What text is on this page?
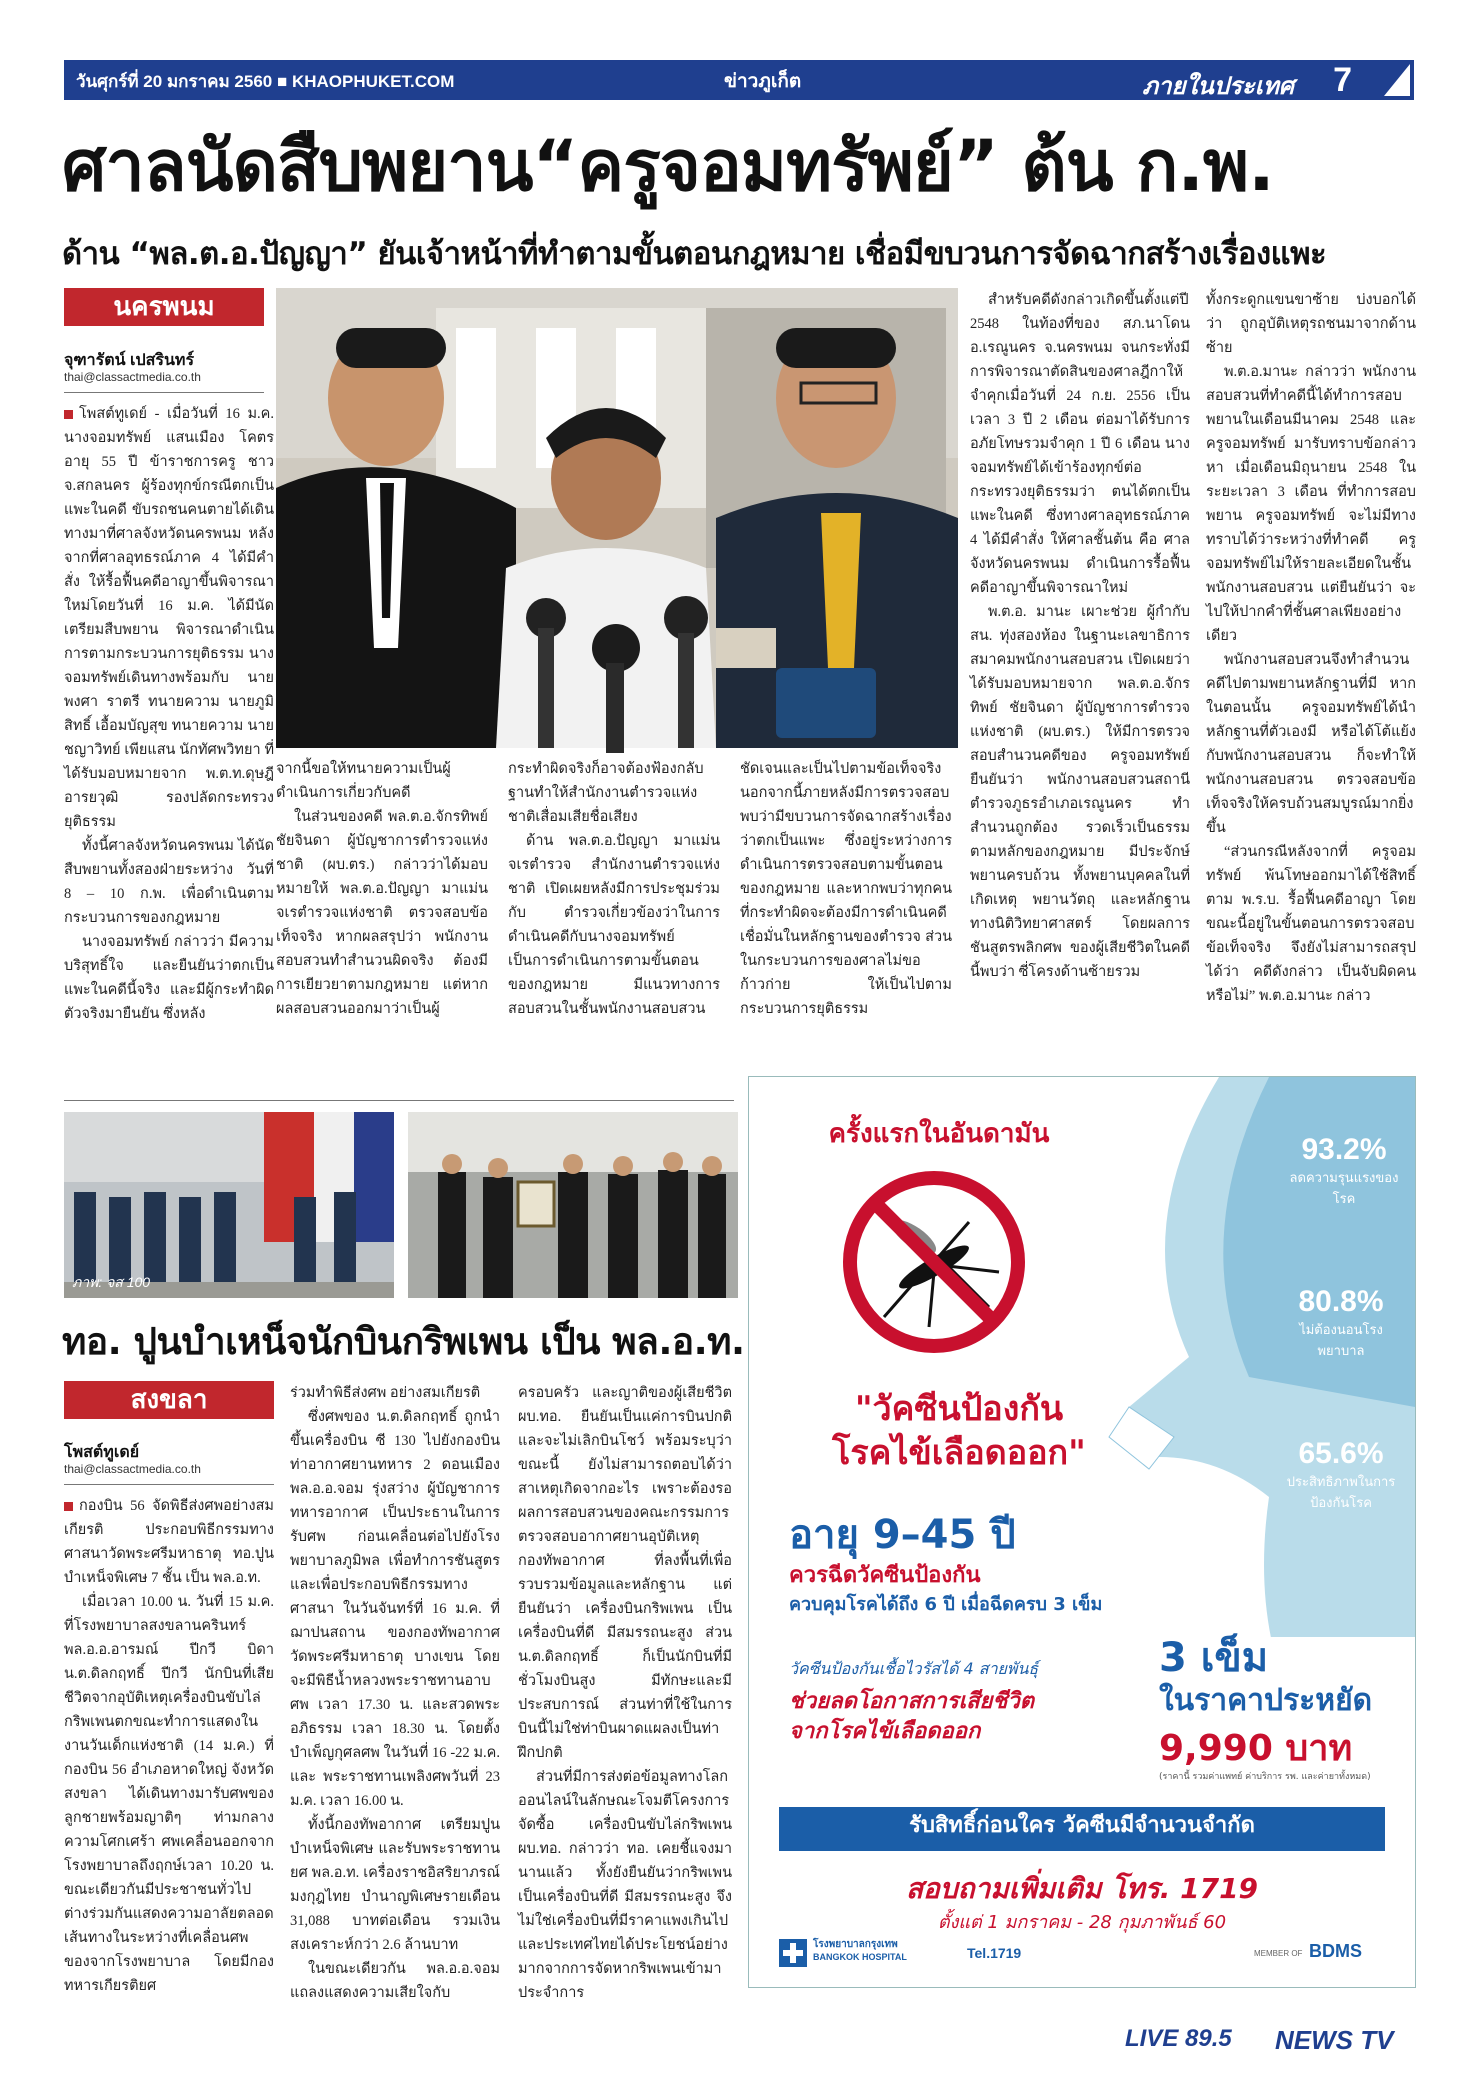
วันศุกร์ที่ 20 มกราคม 2560 ■ KHAOPHUKET.COM	ข่าวภูเก็ต	ภายในประเทศ 7
ศาลนัดสืบพยาน“ครูจอมทรัพย์” ต้น ก.พ.
ด้าน “พล.ต.อ.ปัญญา” ยันเจ้าหน้าที่ทำตามขั้นตอนกฎหมาย เชื่อมีขบวนการจัดฉากสร้างเรื่องแพะ
นครพนม
จุฑารัตน์ เปสรินทร์
thai@classactmedia.co.th

โพสต์ทูเดย์ - เมื่อวันที่ 16 ม.ค. นางจอมทรัพย์ แสนเมือง โคตร อายุ 55 ปี ข้าราชการครู ชาว จ.สกลนคร ผู้ร้องทุกข์กรณีตกเป็นแพะในคดี ขับรถชนคนตายได้เดินทางมาที่ศาลจังหวัดนครพนม หลังจากที่ศาลอุทธรณ์ภาค 4 ได้มีคำสั่ง ให้รื้อฟื้นคดีอาญาขึ้นพิจารณาใหม่โดยวันที่ 16 ม.ค. ได้มีนัดเตรียมสืบพยาน พิจารณาดำเนินการตามกระบวนการยุติธรรม นางจอมทรัพย์เดินทางพร้อมกับ นายพงศา ราตรี ทนายความ นายภูมิสิทธิ์ เอื้อมบัญสุข ทนายความ นายชญาวิทย์ เพียแสน นักทัศพวิทยา ที่ได้รับมอบหมายจาก พ.ต.ท.ดุษฎี อารยวุฒิ รองปลัดกระทรวงยุติธรรม

ทั้งนี้ศาลจังหวัดนครพนม ได้นัดสืบพยานทั้งสองฝ่ายระหว่าง วันที่ 8 – 10 ก.พ. เพื่อดำเนินตามกระบวนการของกฎหมาย

นางจอมทรัพย์ กล่าวว่า มีความบริสุทธิ์ใจ และยืนยันว่าตกเป็นแพะในคดีนี้จริง และมีผู้กระทำผิดตัวจริงมายืนยัน ซึ่งหลัง

จากนี้ขอให้ทนายความเป็นผู้ดำเนินการเกี่ยวกับคดี

ในส่วนของคดี พล.ต.อ.จักรทิพย์ ชัยจินดา ผู้บัญชาการตำรวจแห่งชาติ (ผบ.ตร.) กล่าวว่าได้มอบหมายให้ พล.ต.อ.ปัญญา มาแม่น จเรตำรวจแห่งชาติ ตรวจสอบข้อเท็จจริง หากผลสรุปว่า พนักงานสอบสวนทำสำนวนผิดจริง ต้องมีการเยียวยาตามกฎหมาย แต่หากผลสอบสวนออกมาว่าเป็นผู้

กระทำผิดจริงก็อาจต้องฟ้องกลับ ฐานทำให้สำนักงานตำรวจแห่งชาติเสื่อมเสียชื่อเสียง

ด้าน พล.ต.อ.ปัญญา มาแม่น จเรตำรวจ สำนักงานตำรวจแห่งชาติ เปิดเผยหลังมีการประชุมร่วมกับ ตำรวจเกี่ยวข้องว่าในการดำเนินคดีกับนางจอมทรัพย์ เป็นการดำเนินการตามขั้นตอนของกฎหมาย มีแนวทางการสอบสวนในชั้นพนักงานสอบสวน

ชัดเจนและเป็นไปตามข้อเท็จจริง นอกจากนี้ภายหลังมีการตรวจสอบ พบว่ามีขบวนการจัดฉากสร้างเรื่องว่าตกเป็นแพะ ซึ่งอยู่ระหว่างการดำเนินการตรวจสอบตามขั้นตอนของกฎหมาย และหากพบว่าทุกคนที่กระทำผิดจะต้องมีการดำเนินคดี เชื่อมั่นในหลักฐานของตำรวจ ส่วนในกระบวนการของศาลไม่ขอก้าวก่าย ให้เป็นไปตามกระบวนการยุติธรรม

สำหรับคดีดังกล่าวเกิดขึ้นตั้งแต่ปี 2548 ในท้องที่ของ สภ.นาโดน อ.เรณูนคร จ.นครพนม จนกระทั่งมีการพิจารณาตัดสินของศาลฎีกาให้จำคุกเมื่อวันที่ 24 ก.ย. 2556 เป็นเวลา 3 ปี 2 เดือน ต่อมาได้รับการอภัยโทษรวมจำคุก 1 ปี 6 เดือน นางจอมทรัพย์ได้เข้าร้องทุกข์ต่อกระทรวงยุติธรรมว่า ตนได้ตกเป็นแพะในคดี ซึ่งทางศาลอุทธรณ์ภาค 4 ได้มีคำสั่ง ให้ศาลชั้นต้น คือ ศาลจังหวัดนครพนม ดำเนินการรื้อฟื้นคดีอาญาขึ้นพิจารณาใหม่

พ.ต.อ. มานะ เผาะช่วย ผู้กำกับ สน. ทุ่งสองห้อง ในฐานะเลขาธิการสมาคมพนักงานสอบสวน เปิดเผยว่า ได้รับมอบหมายจาก พล.ต.อ.จักรทิพย์ ชัยจินดา ผู้บัญชาการตำรวจแห่งชาติ (ผบ.ตร.) ให้มีการตรวจสอบสำนวนคดีของ ครูจอมทรัพย์ ยืนยันว่า พนักงานสอบสวนสถานีตำรวจภูธรอำเภอเรณูนคร ทำสำนวนถูกต้อง รวดเร็วเป็นธรรมตามหลักของกฎหมาย มีประจักษ์พยานครบถ้วน ทั้งพยานบุคคลในที่เกิดเหตุ พยานวัตถุ และหลักฐานทางนิติวิทยาศาสตร์ โดยผลการชันสูตรพลิกศพ ของผู้เสียชีวิตในคดีนี้พบว่า ซี่โครงด้านซ้ายรวม

ทั้งกระดูกแขนขาซ้าย บ่งบอกได้ว่า ถูกอุบัติเหตุรถชนมาจากด้านซ้าย

พ.ต.อ.มานะ กล่าวว่า พนักงานสอบสวนที่ทำคดีนี้ได้ทำการสอบพยานในเดือนมีนาคม 2548 และ ครูจอมทรัพย์ มารับทราบข้อกล่าวหา เมื่อเดือนมิถุนายน 2548 ในระยะเวลา 3 เดือน ที่ทำการสอบพยาน ครูจอมทรัพย์ จะไม่มีทางทราบได้ว่าระหว่างที่ทำคดี ครูจอมทรัพย์ไม่ให้รายละเอียดในชั้นพนักงานสอบสวน แต่ยืนยันว่า จะไปให้ปากคำที่ชั้นศาลเพียงอย่างเดียว

พนักงานสอบสวนจึงทำสำนวนคดีไปตามพยานหลักฐานที่มี หากในตอนนั้น ครูจอมทรัพย์ได้นำหลักฐานที่ตัวเองมี หรือได้โต้แย้งกับพนักงานสอบสวน ก็จะทำให้พนักงานสอบสวน ตรวจสอบข้อเท็จจริงให้ครบถ้วนสมบูรณ์มากยิ่งขึ้น

“ส่วนกรณีหลังจากที่ ครูจอมทรัพย์ พ้นโทษออกมาได้ใช้สิทธิ์ตาม พ.ร.บ. รื้อฟื้นคดีอาญา โดยขณะนี้อยู่ในขั้นตอนการตรวจสอบข้อเท็จจริง จึงยังไม่สามารถสรุปได้ว่า คดีดังกล่าว เป็นจับผิดคนหรือไม่” พ.ต.อ.มานะ กล่าว

ภาพ: จส 100
ทอ. ปูนบำเหน็จนักบินกริพเพน เป็น พล.อ.ท.
สงขลา
โพสต์ทูเดย์
thai@classactmedia.co.th

กองบิน 56 จัดพิธีส่งศพอย่างสมเกียรติ ประกอบพิธีกรรมทางศาสนาวัดพระศรีมหาธาตุ ทอ.ปูนบำเหน็จพิเศษ 7 ชั้น เป็น พล.อ.ท.

เมื่อเวลา 10.00 น. วันที่ 15 ม.ค. ที่โรงพยาบาลสงขลานครินทร์ พล.อ.อ.อารมณ์ ปีกวี บิดา น.ต.ดิลกฤทธิ์ ปีกวี นักบินที่เสียชีวิตจากอุบัติเหตุเครื่องบินขับไล่กริพเพนตกขณะทำการแสดงในงานวันเด็กแห่งชาติ (14 ม.ค.) ที่กองบิน 56 อำเภอหาดใหญ่ จังหวัดสงขลา ได้เดินทางมารับศพของลูกชายพร้อมญาติๆ ท่ามกลางความโศกเศร้า ศพเคลื่อนออกจากโรงพยาบาลถึงฤกษ์เวลา 10.20 น. ขณะเดียวกันมีประชาชนทั่วไปต่างร่วมกันแสดงความอาลัยตลอดเส้นทางในระหว่างที่เคลื่อนศพของจากโรงพยาบาล โดยมีกองทหารเกียรติยศ

ร่วมทำพิธีส่งศพ อย่างสมเกียรติ

ซึ่งศพของ น.ต.ดิลกฤทธิ์ ถูกนำขึ้นเครื่องบิน ซี 130 ไปยังกองบินท่าอากาศยานทหาร 2 ดอนเมือง พล.อ.อ.จอม รุ่งสว่าง ผู้บัญชาการทหารอากาศ เป็นประธานในการรับศพ ก่อนเคลื่อนต่อไปยังโรงพยาบาลภูมิพล เพื่อทำการชันสูตร และเพื่อประกอบพิธีกรรมทางศาสนา ในวันจันทร์ที่ 16 ม.ค. ที่ฌาปนสถาน ของกองทัพอากาศ วัดพระศรีมหาธาตุ บางเขน โดยจะมีพิธีน้ำหลวงพระราชทานอาบศพ เวลา 17.30 น. และสวดพระอภิธรรม เวลา 18.30 น. โดยตั้งบำเพ็ญกุศลศพ ในวันที่ 16 -22 ม.ค. และ พระราชทานเพลิงศพวันที่ 23 ม.ค. เวลา 16.00 น.

ทั้งนี้กองทัพอากาศ เตรียมปูนบำเหน็จพิเศษ และรับพระราชทานยศ พล.อ.ท. เครื่องราชอิสริยาภรณ์ มงกุฎไทย บำนาญพิเศษรายเดือน 31,088 บาทต่อเดือน รวมเงินสงเคราะห์กว่า 2.6 ล้านบาท

ในขณะเดียวกัน พล.อ.อ.จอม แถลงแสดงความเสียใจกับ

ครอบครัว และญาติของผู้เสียชีวิต ผบ.ทอ. ยืนยันเป็นแค่การบินปกติและจะไม่เลิกบินโชว์ พร้อมระบุว่าขณะนี้ ยังไม่สามารถตอบได้ว่าสาเหตุเกิดจากอะไร เพราะต้องรอผลการสอบสวนของคณะกรรมการตรวจสอบอากาศยานอุบัติเหตุกองทัพอากาศ ที่ลงพื้นที่เพื่อรวบรวมข้อมูลและหลักฐาน แต่ยืนยันว่า เครื่องบินกริพเพน เป็นเครื่องบินที่ดี มีสมรรถนะสูง ส่วน น.ต.ดิลกฤทธิ์ ก็เป็นนักบินที่มีชั่วโมงบินสูง มีทักษะและมีประสบการณ์ ส่วนท่าที่ใช้ในการบินนี้ไม่ใช่ท่าบินผาดแผลงเป็นท่าฝึกปกติ

ส่วนที่มีการส่งต่อข้อมูลทางโลกออนไลน์ในลักษณะโจมตีโครงการจัดซื้อ เครื่องบินขับไล่กริพเพน ผบ.ทอ. กล่าวว่า ทอ. เคยชี้แจงมานานแล้ว ทั้งยังยืนยันว่ากริพเพนเป็นเครื่องบินที่ดี มีสมรรถนะสูง จึงไม่ใช่เครื่องบินที่มีราคาแพงเกินไป และประเทศไทยได้ประโยชน์อย่างมากจากการจัดหากริพเพนเข้ามาประจำการ

ครั้งแรกในอันดามัน
"วัคซีนป้องกัน
โรคไข้เลือดออก"
อายุ 9–45 ปี
ควรฉีดวัคซีนป้องกัน
ควบคุมโรคได้ถึง 6 ปี เมื่อฉีดครบ 3 เข็ม
93.2%
ลดความรุนแรงของโรค
80.8%
ไม่ต้องนอนโรงพยาบาล
65.6%
ประสิทธิภาพในการป้องกันโรค
วัคซีนป้องกันเชื้อไวรัสได้ 4 สายพันธุ์
ช่วยลดโอกาสการเสียชีวิต
จากโรคไข้เลือดออก
3 เข็ม
ในราคาประหยัด
9,990 บาท
(ราคานี้ รวมค่าแพทย์ ค่าบริการ รพ. และค่ายาทั้งหมด)
รับสิทธิ์ก่อนใคร วัคซีนมีจำนวนจำกัด
สอบถามเพิ่มเติม โทร. 1719
ตั้งแต่ 1 มกราคม - 28 กุมภาพันธ์ 60
โรงพยาบาลกรุงเทพ
BANGKOK HOSPITAL	Tel.1719	MEMBER OF BDMS
LIVE 89.5 NEWS TV
